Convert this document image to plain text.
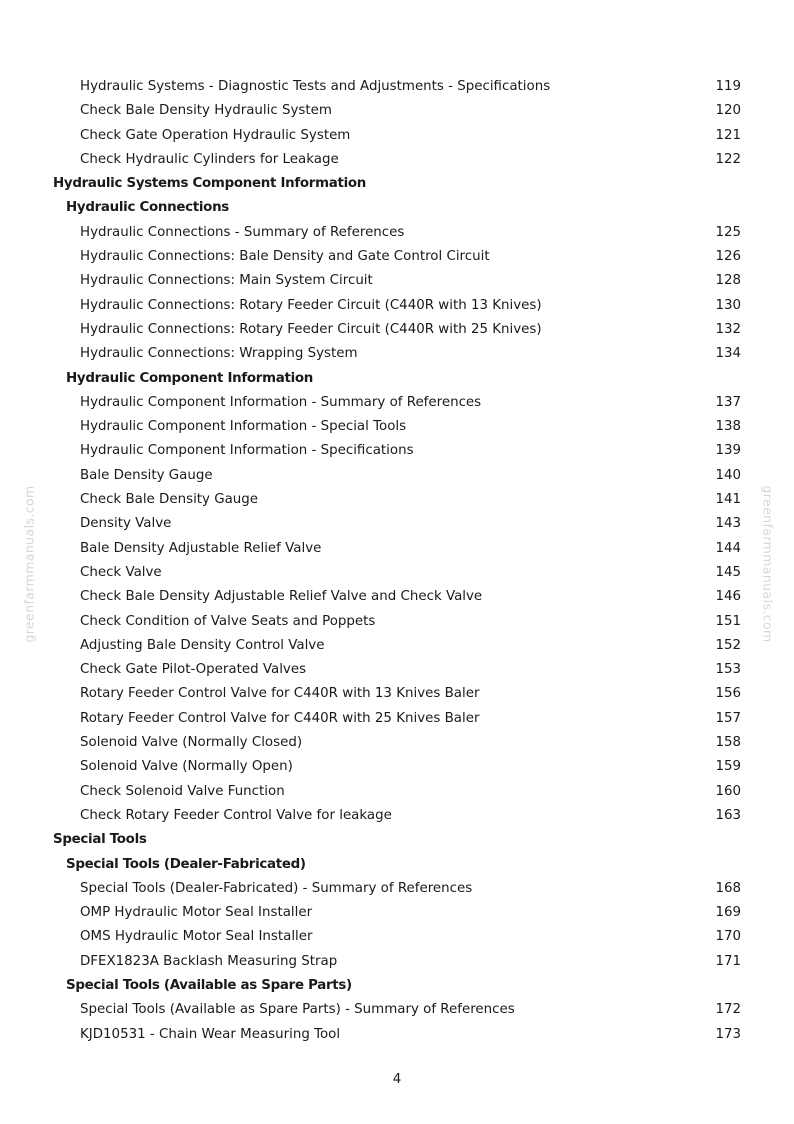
greenfarmmanuals.com	greenfarmmanuals.com
Hydraulic Systems - Diagnostic Tests and Adjustments - Specifications	119
Check Bale Density Hydraulic System	120
Check Gate Operation Hydraulic System	121
Check Hydraulic Cylinders for Leakage	122
Hydraulic Systems Component Information
Hydraulic Connections
Hydraulic Connections - Summary of References	125
Hydraulic Connections: Bale Density and Gate Control Circuit	126
Hydraulic Connections: Main System Circuit	128
Hydraulic Connections: Rotary Feeder Circuit (C440R with 13 Knives)	130
Hydraulic Connections: Rotary Feeder Circuit (C440R with 25 Knives)	132
Hydraulic Connections: Wrapping System	134
Hydraulic Component Information
Hydraulic Component Information - Summary of References	137
Hydraulic Component Information - Special Tools	138
Hydraulic Component Information - Specifications	139
Bale Density Gauge	140
Check Bale Density Gauge	141
Density Valve	143
Bale Density Adjustable Relief Valve	144
Check Valve	145
Check Bale Density Adjustable Relief Valve and Check Valve	146
Check Condition of Valve Seats and Poppets	151
Adjusting Bale Density Control Valve	152
Check Gate Pilot-Operated Valves	153
Rotary Feeder Control Valve for C440R with 13 Knives Baler	156
Rotary Feeder Control Valve for C440R with 25 Knives Baler	157
Solenoid Valve (Normally Closed)	158
Solenoid Valve (Normally Open)	159
Check Solenoid Valve Function	160
Check Rotary Feeder Control Valve for leakage	163
Special Tools
Special Tools (Dealer-Fabricated)
Special Tools (Dealer-Fabricated) - Summary of References	168
OMP Hydraulic Motor Seal Installer	169
OMS Hydraulic Motor Seal Installer	170
DFEX1823A Backlash Measuring Strap	171
Special Tools (Available as Spare Parts)
Special Tools (Available as Spare Parts) - Summary of References	172
KJD10531 - Chain Wear Measuring Tool	173
4
